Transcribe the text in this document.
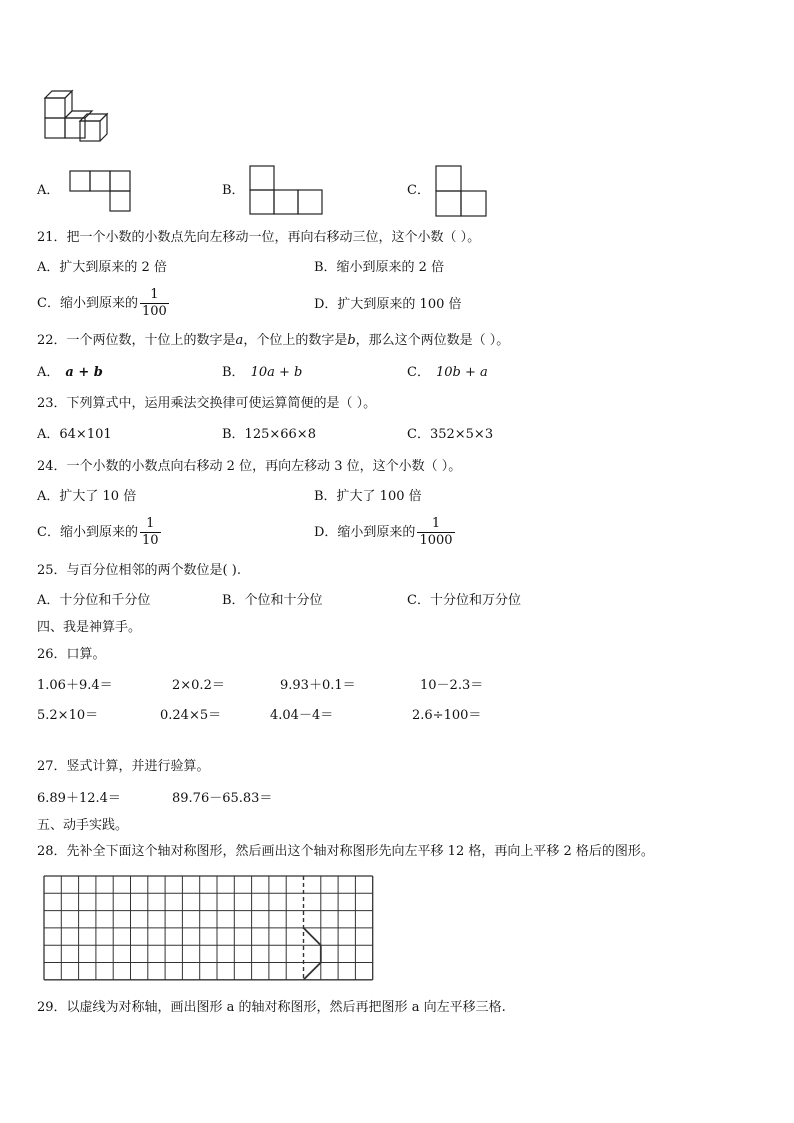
A．	B．	C．
21．把一个小数的小数点先向左移动一位，再向右移动三位，这个小数（ ）。
A．扩大到原来的 2 倍	B．缩小到原来的 2 倍
C．缩小到原来的 $\frac{1}{100}$	D．扩大到原来的 100 倍
22．一个两位数，十位上的数字是a，个位上的数字是b，那么这个两位数是（ ）。
A． a + b	B． 10a + b	C． 10b + a
23．下列算式中，运用乘法交换律可使运算简便的是（ ）。
A．64×101	B．125×66×8	C．352×5×3
24．一个小数的小数点向右移动 2 位，再向左移动 3 位，这个小数（ ）。
A．扩大了 10 倍	B．扩大了 100 倍
C．缩小到原来的 $\frac{1}{10}$	D．缩小到原来的 $\frac{1}{1000}$
25．与百分位相邻的两个数位是( ).
A．十分位和千分位	B．个位和十分位	C．十分位和万分位
四、我是神算手。
26．口算。
1.06＋9.4＝	2×0.2＝	9.93＋0.1＝	10－2.3＝
5.2×10＝	0.24×5＝	4.04－4＝	2.6÷100＝
27．竖式计算，并进行验算。
6.89＋12.4＝	89.76－65.83＝
五、动手实践。
28．先补全下面这个轴对称图形，然后画出这个轴对称图形先向左平移 12 格，再向上平移 2 格后的图形。
29．以虚线为对称轴，画出图形 a 的轴对称图形，然后再把图形 a 向左平移三格.
